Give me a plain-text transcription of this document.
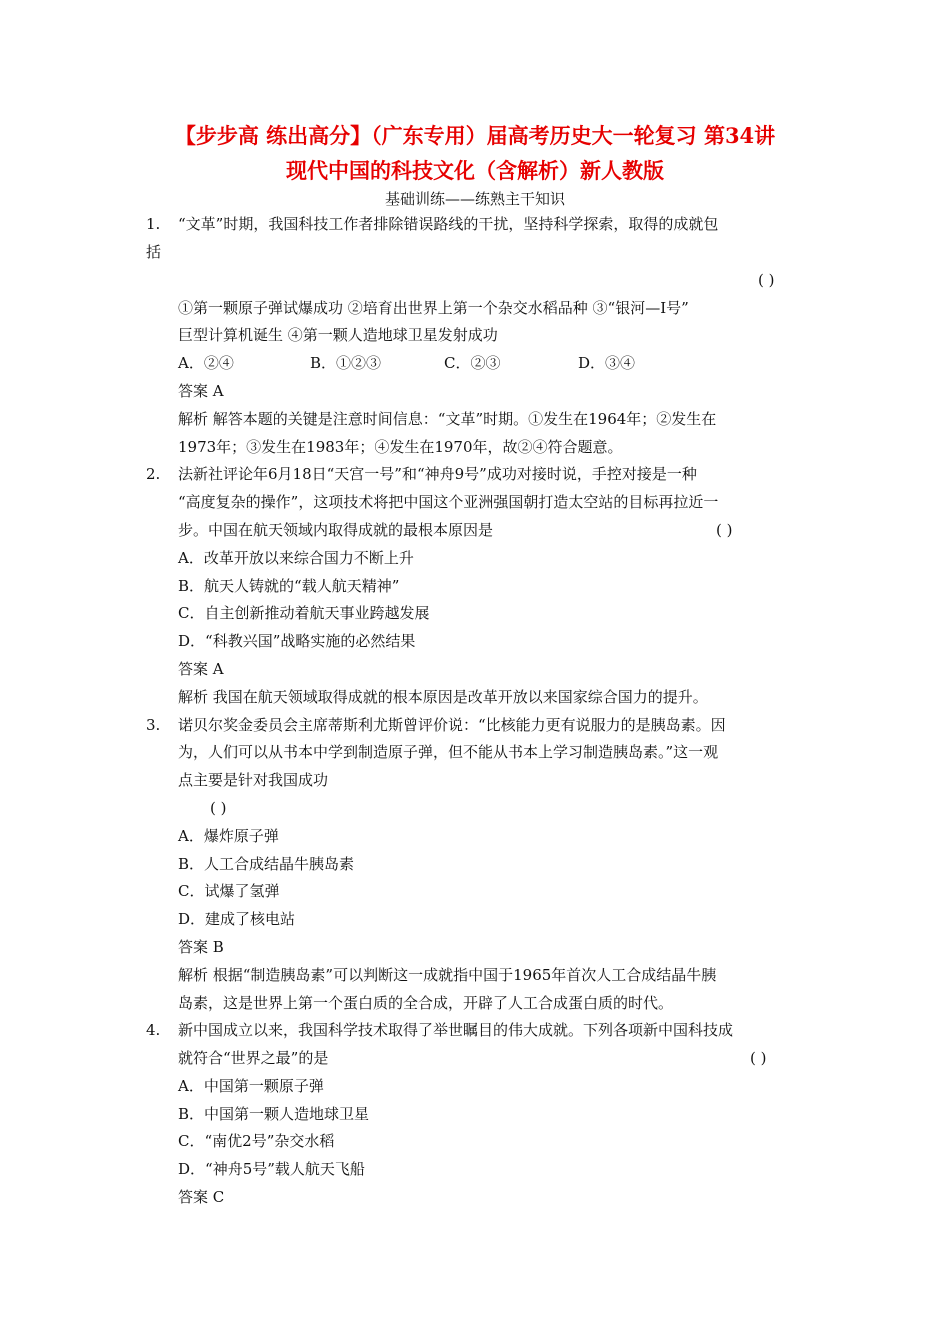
【步步高 练出高分】（广东专用）届高考历史大一轮复习 第34讲
现代中国的科技文化（含解析）新人教版
基础训练——练熟主干知识
1. “文革”时期，我国科技工作者排除错误路线的干扰，坚持科学探索，取得的成就包
括
( )
①第一颗原子弹试爆成功 ②培育出世界上第一个杂交水稻品种 ③“银河—Ⅰ号”
巨型计算机诞生 ④第一颗人造地球卫星发射成功
A．②④	B．①②③	C．②③	D．③④
答案 A
解析 解答本题的关键是注意时间信息：“文革”时期。①发生在1964年；②发生在
1973年；③发生在1983年；④发生在1970年，故②④符合题意。
2. 法新社评论年6月18日“天宫一号”和“神舟9号”成功对接时说，手控对接是一种
“高度复杂的操作”，这项技术将把中国这个亚洲强国朝打造太空站的目标再拉近一
步。中国在航天领域内取得成就的最根本原因是	( )
A．改革开放以来综合国力不断上升
B．航天人铸就的“载人航天精神”
C．自主创新推动着航天事业跨越发展
D．“科教兴国”战略实施的必然结果
答案 A
解析 我国在航天领域取得成就的根本原因是改革开放以来国家综合国力的提升。
3. 诺贝尔奖金委员会主席蒂斯利尤斯曾评价说：“比核能力更有说服力的是胰岛素。因
为，人们可以从书本中学到制造原子弹，但不能从书本上学习制造胰岛素。”这一观
点主要是针对我国成功
( )
A．爆炸原子弹
B．人工合成结晶牛胰岛素
C．试爆了氢弹
D．建成了核电站
答案 B
解析 根据“制造胰岛素”可以判断这一成就指中国于1965年首次人工合成结晶牛胰
岛素，这是世界上第一个蛋白质的全合成，开辟了人工合成蛋白质的时代。
4. 新中国成立以来，我国科学技术取得了举世瞩目的伟大成就。下列各项新中国科技成
就符合“世界之最”的是	( )
A．中国第一颗原子弹
B．中国第一颗人造地球卫星
C．“南优2号”杂交水稻
D．“神舟5号”载人航天飞船
答案 C
